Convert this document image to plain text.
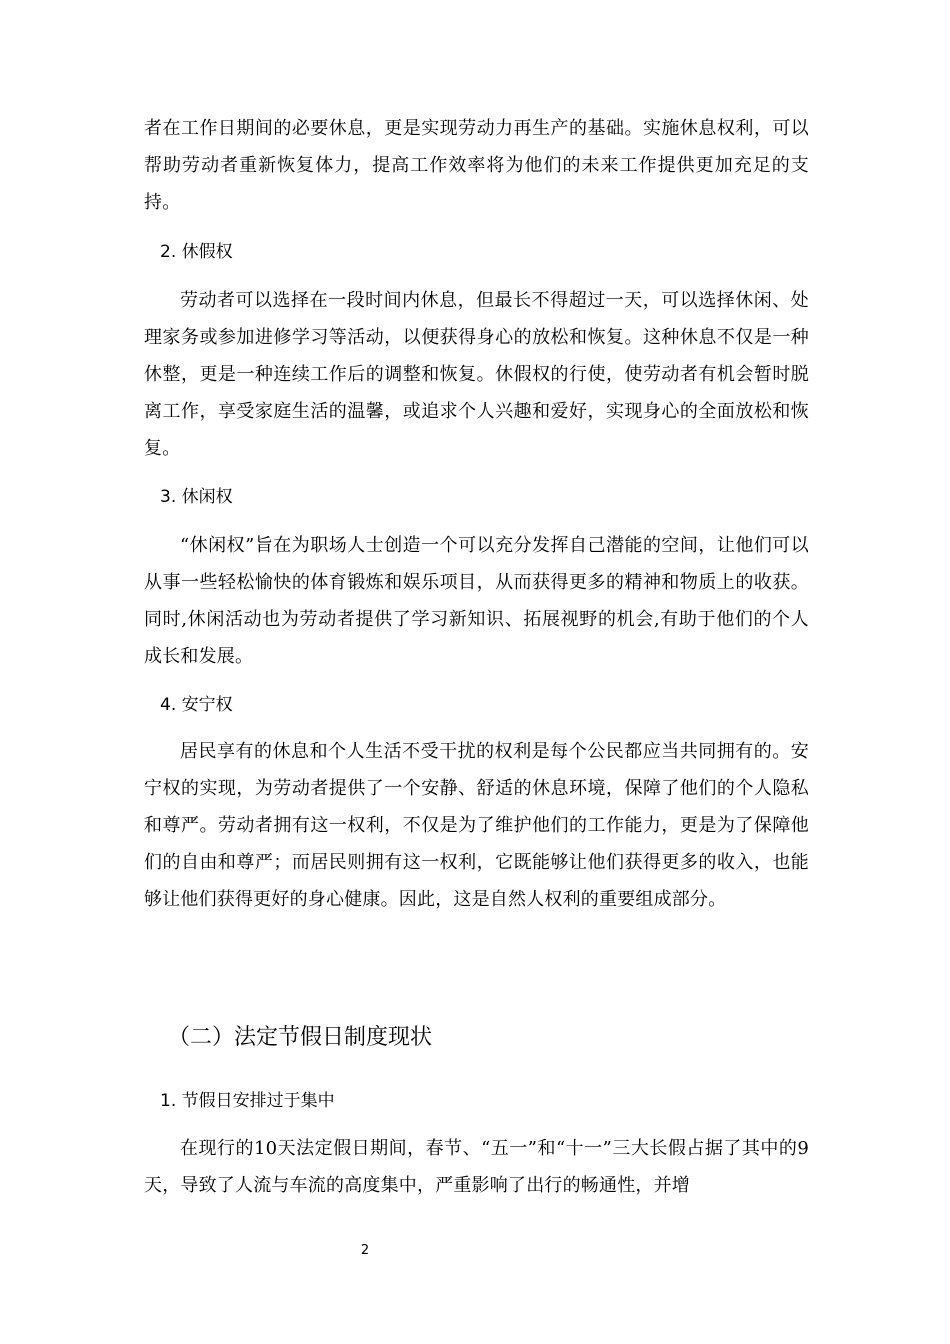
者在工作日期间的必要休息，更是实现劳动力再生产的基础。实施休息权利，可以帮助劳动者重新恢复体力，提高工作效率将为他们的未来工作提供更加充足的支持。

2. 休假权

劳动者可以选择在一段时间内休息，但最长不得超过一天，可以选择休闲、处理家务或参加进修学习等活动，以便获得身心的放松和恢复。这种休息不仅是一种休整，更是一种连续工作后的调整和恢复。休假权的行使，使劳动者有机会暂时脱离工作，享受家庭生活的温馨，或追求个人兴趣和爱好，实现身心的全面放松和恢复。

3. 休闲权

“休闲权”旨在为职场人士创造一个可以充分发挥自己潜能的空间，让他们可以从事一些轻松愉快的体育锻炼和娱乐项目，从而获得更多的精神和物质上的收获。同时,休闲活动也为劳动者提供了学习新知识、拓展视野的机会,有助于他们的个人成长和发展。

4. 安宁权

居民享有的休息和个人生活不受干扰的权利是每个公民都应当共同拥有的。安宁权的实现，为劳动者提供了一个安静、舒适的休息环境，保障了他们的个人隐私和尊严。劳动者拥有这一权利，不仅是为了维护他们的工作能力，更是为了保障他们的自由和尊严；而居民则拥有这一权利，它既能够让他们获得更多的收入，也能够让他们获得更好的身心健康。因此，这是自然人权利的重要组成部分。

（二）法定节假日制度现状

1. 节假日安排过于集中

在现行的10天法定假日期间，春节、“五一”和“十一”三大长假占据了其中的9天，导致了人流与车流的高度集中，严重影响了出行的畅通性，并增

2
